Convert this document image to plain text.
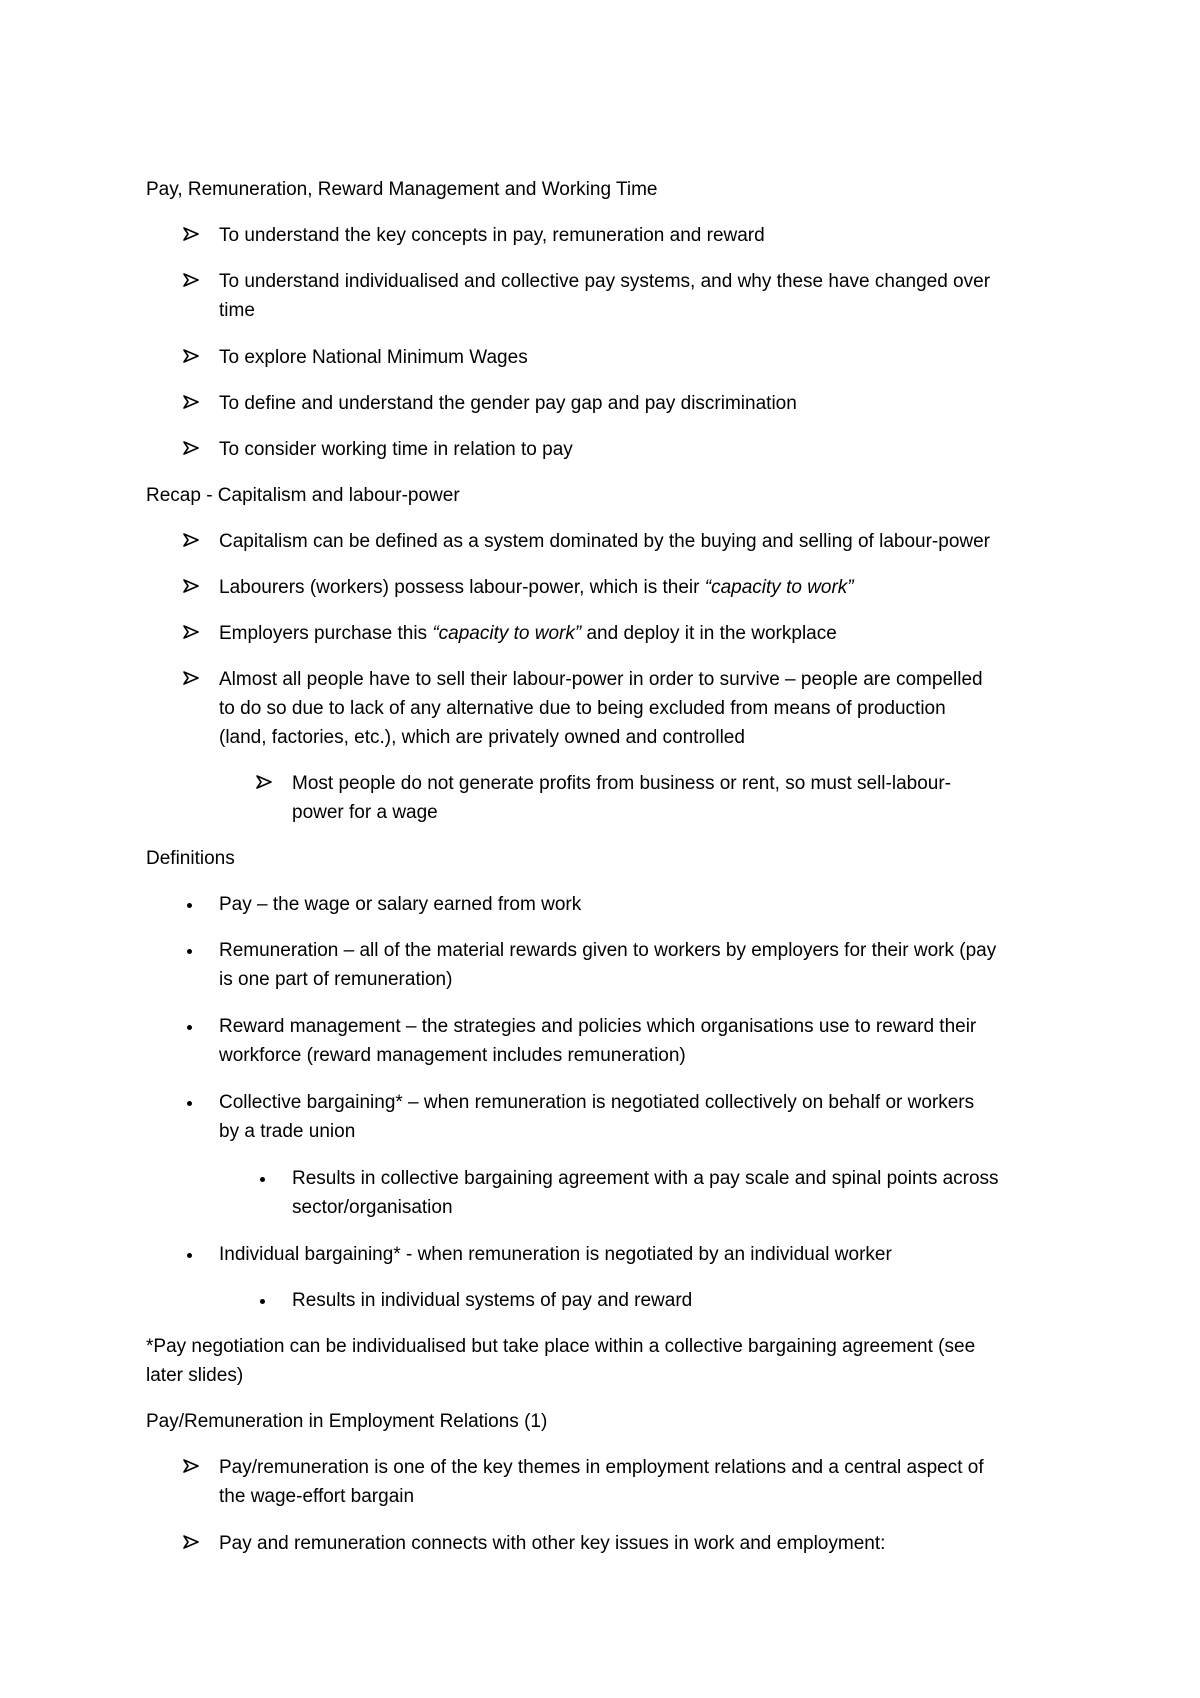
Pay, Remuneration, Reward Management and Working Time
To understand the key concepts in pay, remuneration and reward
To understand individualised and collective pay systems, and why these have changed over
time
To explore National Minimum Wages
To define and understand the gender pay gap and pay discrimination
To consider working time in relation to pay
Recap - Capitalism and labour-power
Capitalism can be defined as a system dominated by the buying and selling of labour-power
Labourers (workers) possess labour-power, which is their “capacity to work”
Employers purchase this “capacity to work” and deploy it in the workplace
Almost all people have to sell their labour-power in order to survive – people are compelled
to do so due to lack of any alternative due to being excluded from means of production
(land, factories, etc.), which are privately owned and controlled
Most people do not generate profits from business or rent, so must sell-labour-
power for a wage
Definitions
Pay – the wage or salary earned from work
Remuneration – all of the material rewards given to workers by employers for their work (pay
is one part of remuneration)
Reward management – the strategies and policies which organisations use to reward their
workforce (reward management includes remuneration)
Collective bargaining* – when remuneration is negotiated collectively on behalf or workers
by a trade union
Results in collective bargaining agreement with a pay scale and spinal points across
sector/organisation
Individual bargaining* - when remuneration is negotiated by an individual worker
Results in individual systems of pay and reward
*Pay negotiation can be individualised but take place within a collective bargaining agreement (see
later slides)
Pay/Remuneration in Employment Relations (1)
Pay/remuneration is one of the key themes in employment relations and a central aspect of
the wage-effort bargain
Pay and remuneration connects with other key issues in work and employment:
